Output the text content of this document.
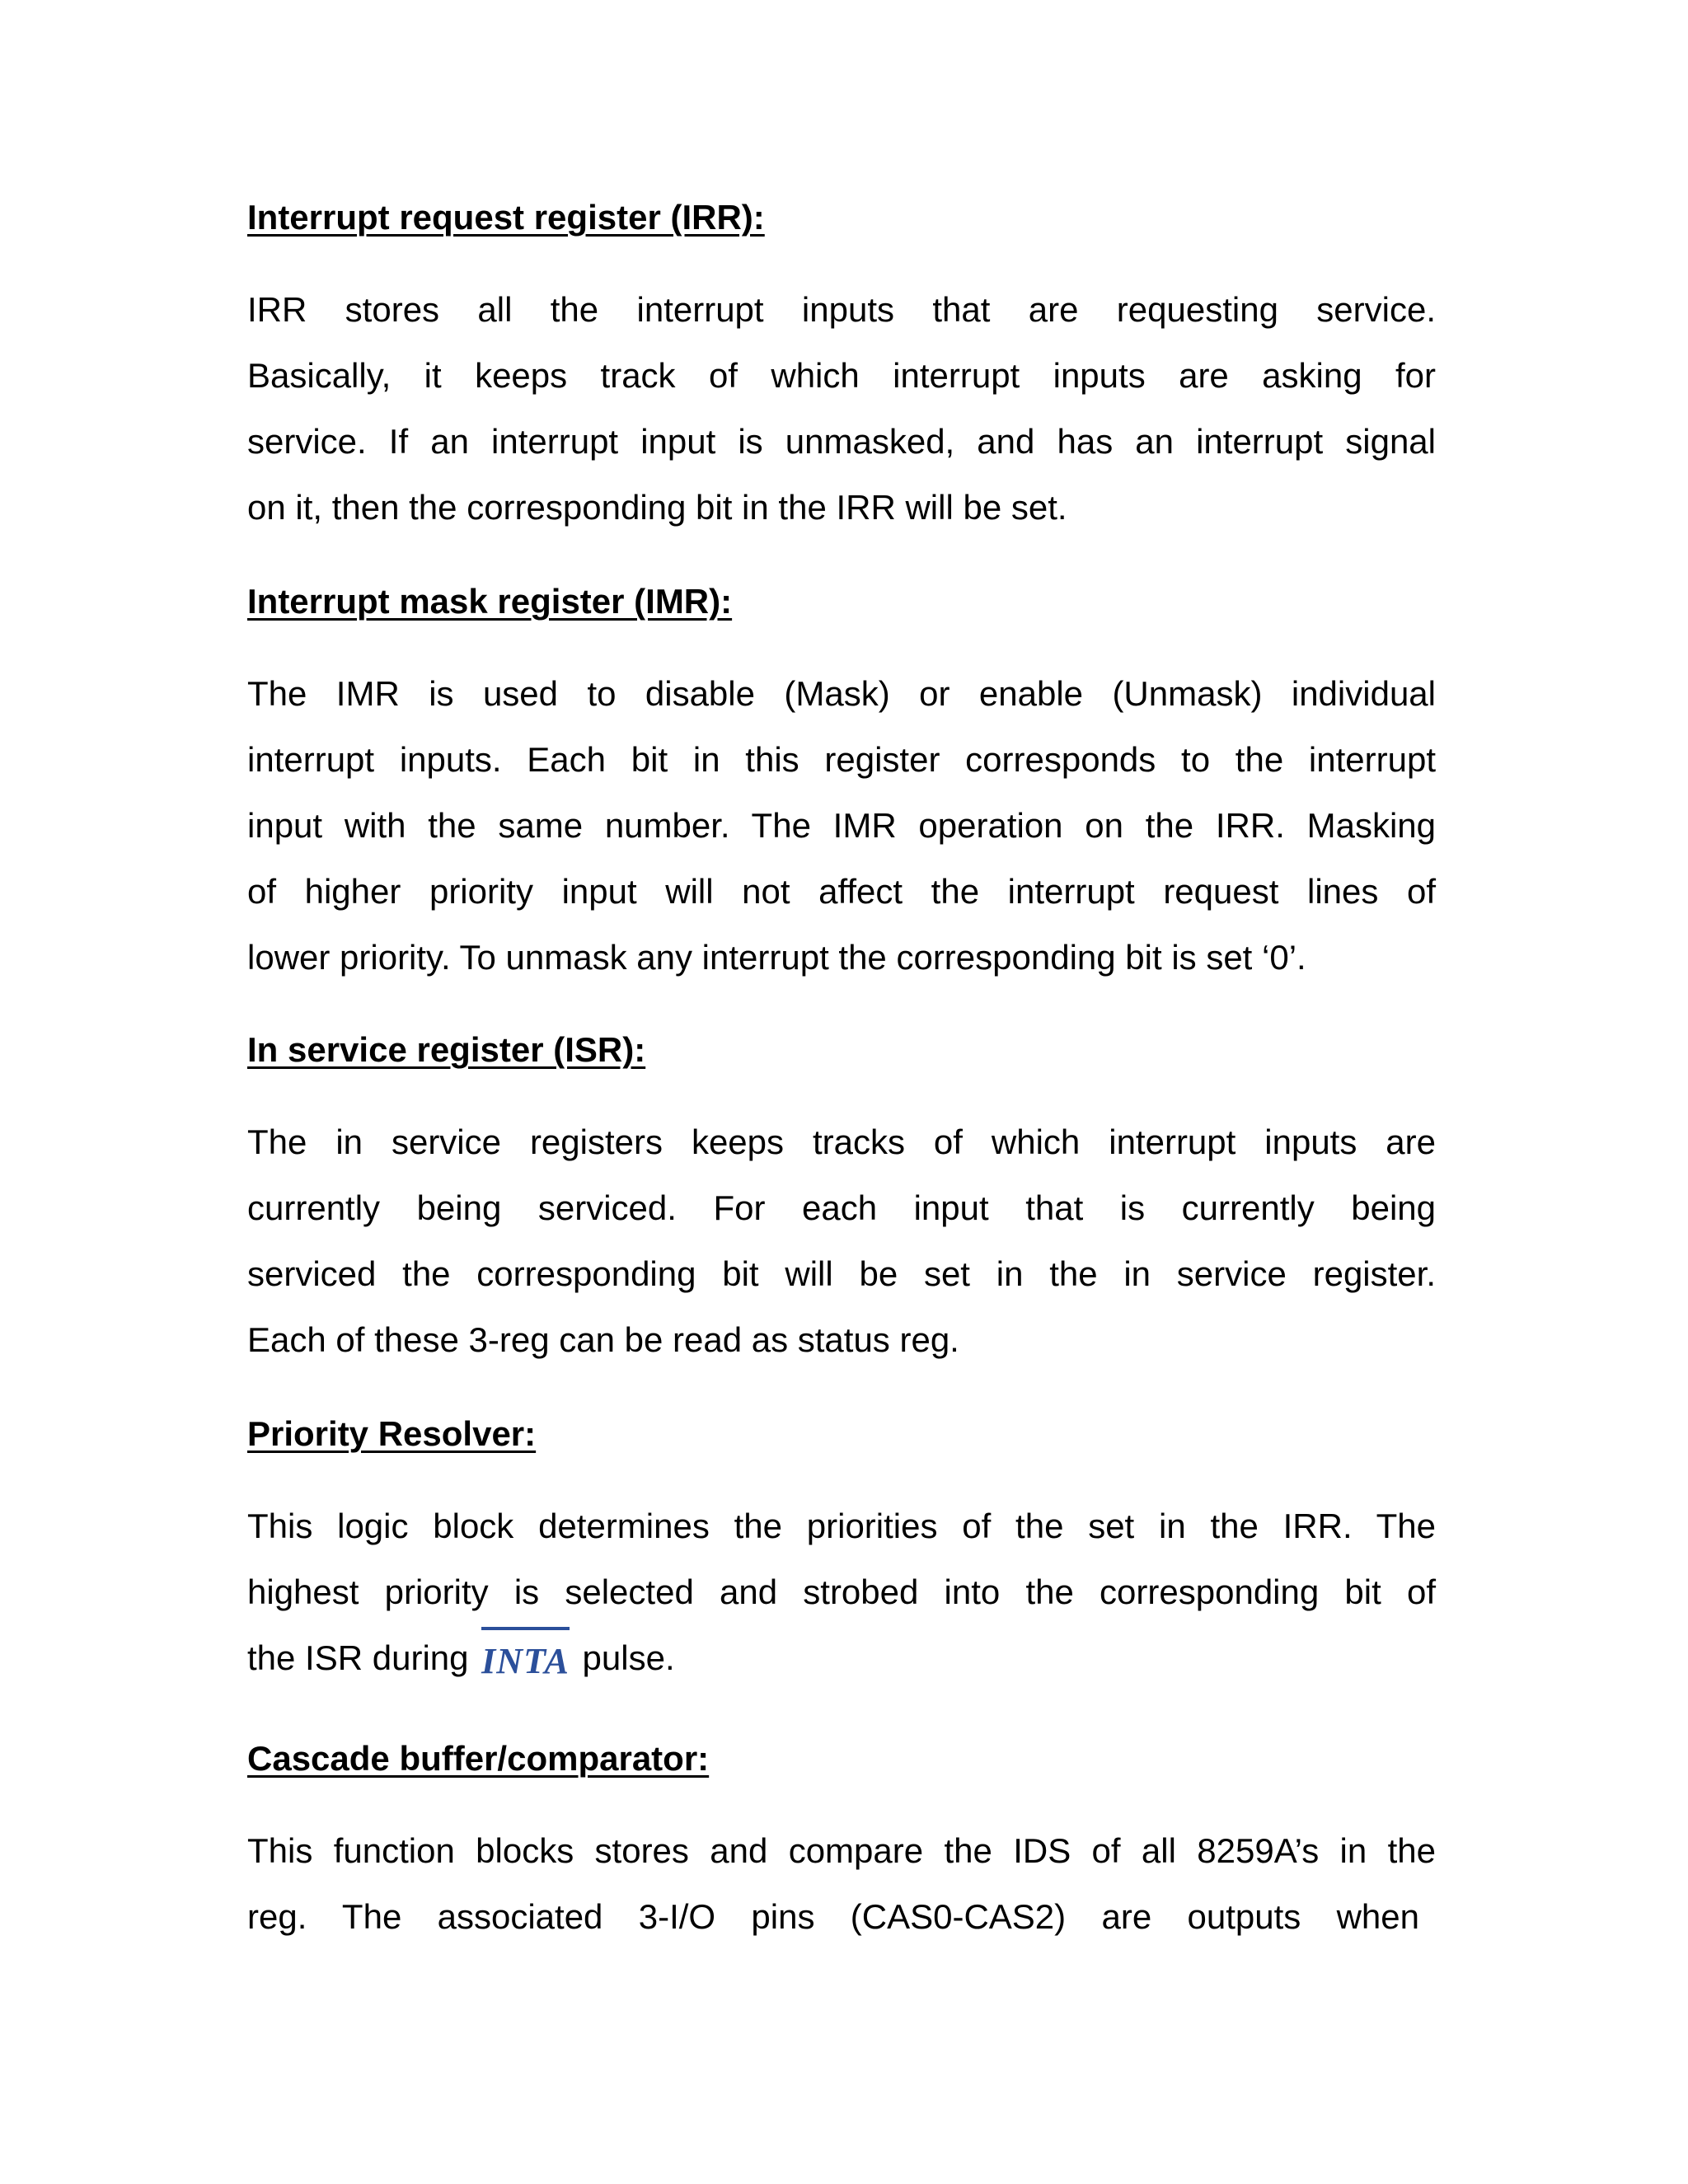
Interrupt request register (IRR):
IRR stores all the interrupt inputs that are requesting service.
Basically, it keeps track of which interrupt inputs are asking for
service. If an interrupt input is unmasked, and has an interrupt signal
on it, then the corresponding bit in the IRR will be set.
Interrupt mask register (IMR):
The IMR is used to disable (Mask) or enable (Unmask) individual
interrupt inputs. Each bit in this register corresponds to the interrupt
input with the same number. The IMR operation on the IRR. Masking
of higher priority input will not affect the interrupt request lines of
lower priority. To unmask any interrupt the corresponding bit is set ‘0’.
In service register (ISR):
The in service registers keeps tracks of which interrupt inputs are
currently being serviced. For each input that is currently being
serviced the corresponding bit will be set in the in service register.
Each of these 3-reg can be read as status reg.
Priority Resolver:
This logic block determines the priorities of the set in the IRR. The
highest priority is selected and strobed into the corresponding bit of
the ISR during INTA pulse.
Cascade buffer/comparator:
This function blocks stores and compare the IDS of all 8259A’s in the
reg. The associated 3-I/O pins (CAS0-CAS2) are outputs when
